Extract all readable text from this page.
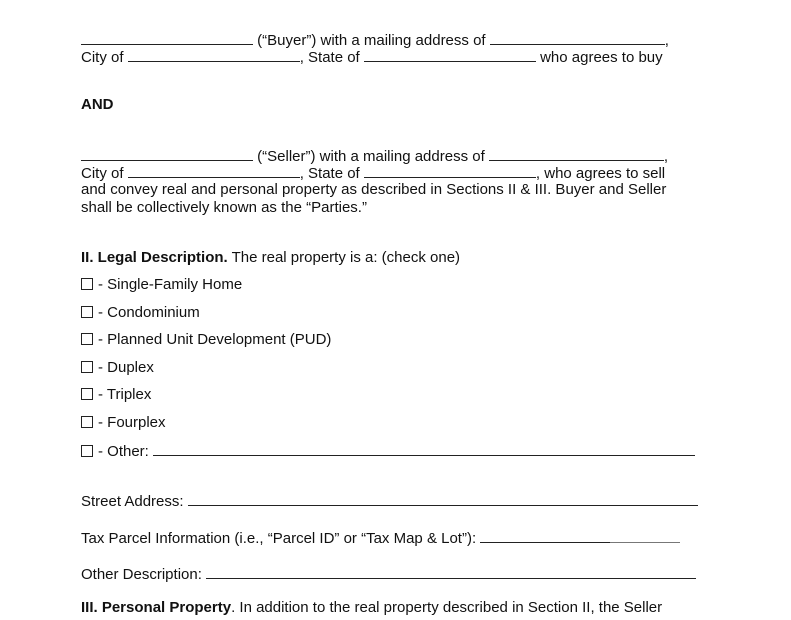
(“Buyer”) with a mailing address of	,
City of	, State of	who agrees to buy
AND
(“Seller”) with a mailing address of	,
City of	, State of	, who agrees to sell
and convey real and personal property as described in Sections II & III. Buyer and Seller
shall be collectively known as the “Parties.”
II. Legal Description. The real property is a: (check one)
- Single-Family Home
- Condominium
- Planned Unit Development (PUD)
- Duplex
- Triplex
- Fourplex
- Other:
Street Address:
Tax Parcel Information (i.e., “Parcel ID” or “Tax Map & Lot”):
Other Description:
III. Personal Property. In addition to the real property described in Section II, the Seller
